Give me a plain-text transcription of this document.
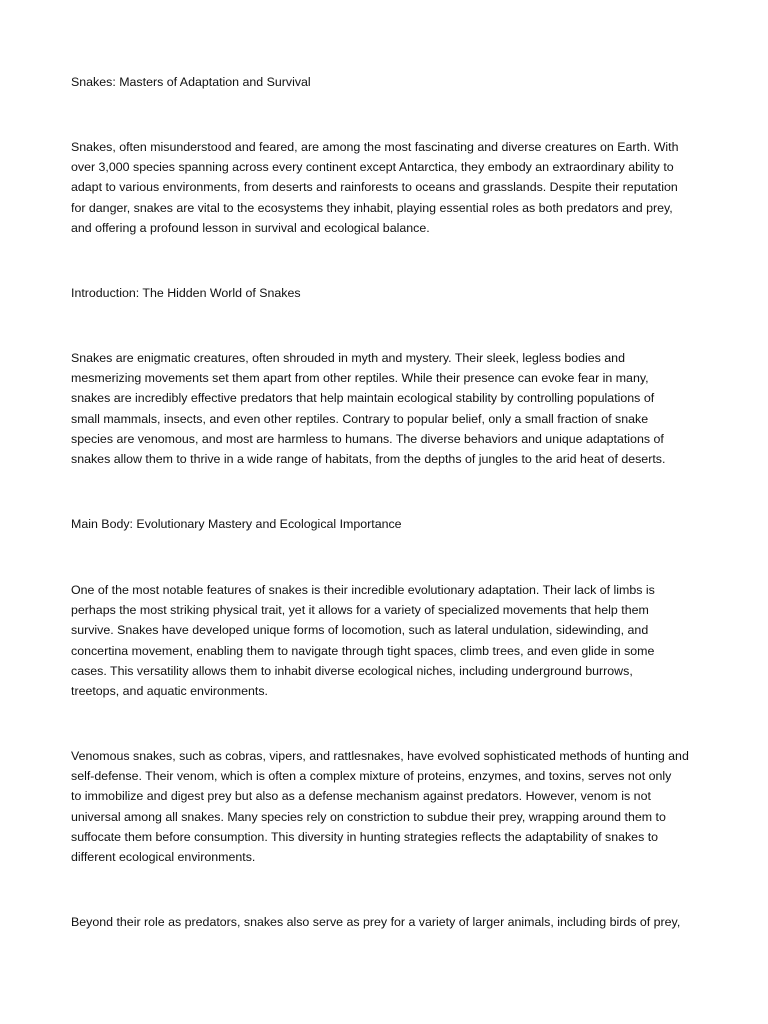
Snakes: Masters of Adaptation and Survival

Snakes, often misunderstood and feared, are among the most fascinating and diverse creatures on Earth. With
over 3,000 species spanning across every continent except Antarctica, they embody an extraordinary ability to
adapt to various environments, from deserts and rainforests to oceans and grasslands. Despite their reputation
for danger, snakes are vital to the ecosystems they inhabit, playing essential roles as both predators and prey,
and offering a profound lesson in survival and ecological balance.

Introduction: The Hidden World of Snakes

Snakes are enigmatic creatures, often shrouded in myth and mystery. Their sleek, legless bodies and
mesmerizing movements set them apart from other reptiles. While their presence can evoke fear in many,
snakes are incredibly effective predators that help maintain ecological stability by controlling populations of
small mammals, insects, and even other reptiles. Contrary to popular belief, only a small fraction of snake
species are venomous, and most are harmless to humans. The diverse behaviors and unique adaptations of
snakes allow them to thrive in a wide range of habitats, from the depths of jungles to the arid heat of deserts.

Main Body: Evolutionary Mastery and Ecological Importance

One of the most notable features of snakes is their incredible evolutionary adaptation. Their lack of limbs is
perhaps the most striking physical trait, yet it allows for a variety of specialized movements that help them
survive. Snakes have developed unique forms of locomotion, such as lateral undulation, sidewinding, and
concertina movement, enabling them to navigate through tight spaces, climb trees, and even glide in some
cases. This versatility allows them to inhabit diverse ecological niches, including underground burrows,
treetops, and aquatic environments.

Venomous snakes, such as cobras, vipers, and rattlesnakes, have evolved sophisticated methods of hunting and
self-defense. Their venom, which is often a complex mixture of proteins, enzymes, and toxins, serves not only
to immobilize and digest prey but also as a defense mechanism against predators. However, venom is not
universal among all snakes. Many species rely on constriction to subdue their prey, wrapping around them to
suffocate them before consumption. This diversity in hunting strategies reflects the adaptability of snakes to
different ecological environments.

Beyond their role as predators, snakes also serve as prey for a variety of larger animals, including birds of prey,
